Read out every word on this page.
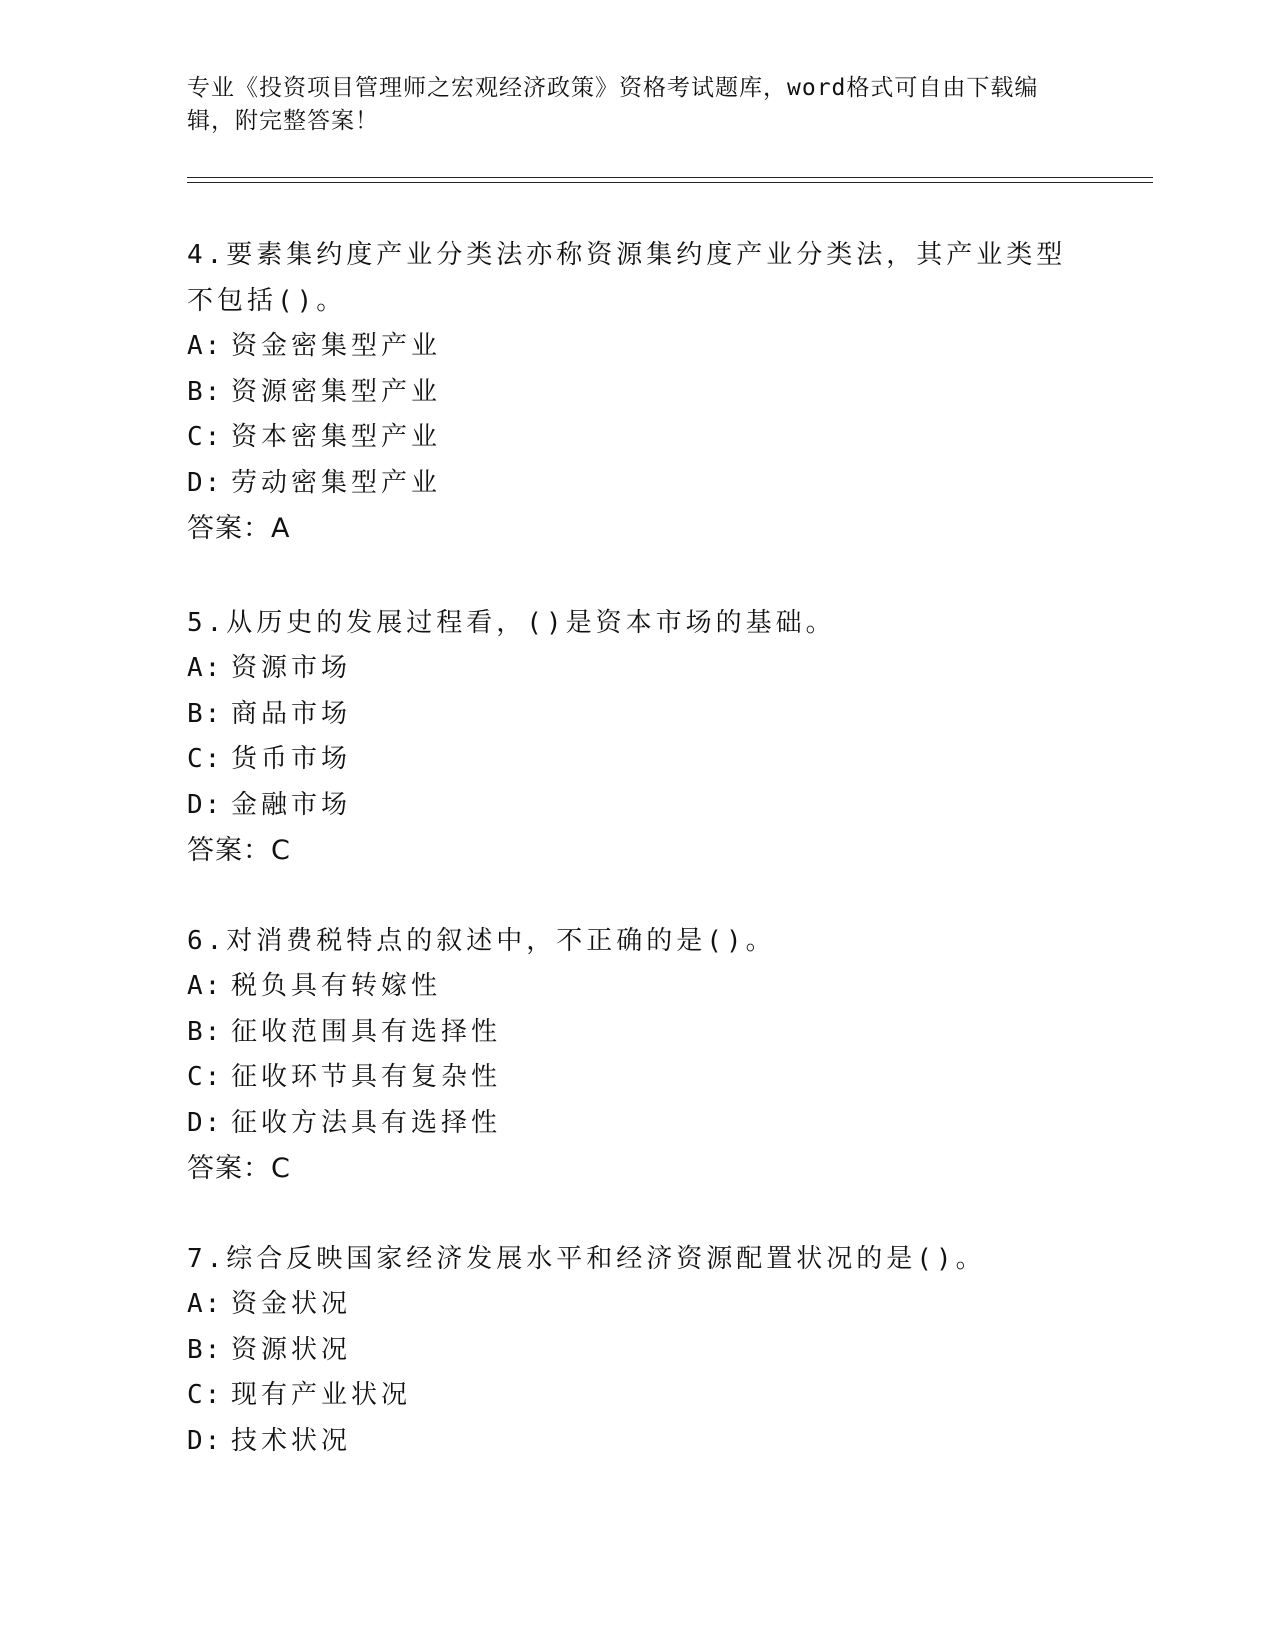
专业《投资项目管理师之宏观经济政策》资格考试题库，word格式可自由下载编辑，附完整答案！

4.要素集约度产业分类法亦称资源集约度产业分类法，其产业类型不包括()。

A: 资金密集型产业

B: 资源密集型产业

C: 资本密集型产业

D: 劳动密集型产业

答案：A

5.从历史的发展过程看，()是资本市场的基础。

A: 资源市场

B: 商品市场

C: 货币市场

D: 金融市场

答案：C

6.对消费税特点的叙述中，不正确的是()。

A: 税负具有转嫁性

B: 征收范围具有选择性

C: 征收环节具有复杂性

D: 征收方法具有选择性

答案：C

7.综合反映国家经济发展水平和经济资源配置状况的是()。

A: 资金状况

B: 资源状况

C: 现有产业状况

D: 技术状况
